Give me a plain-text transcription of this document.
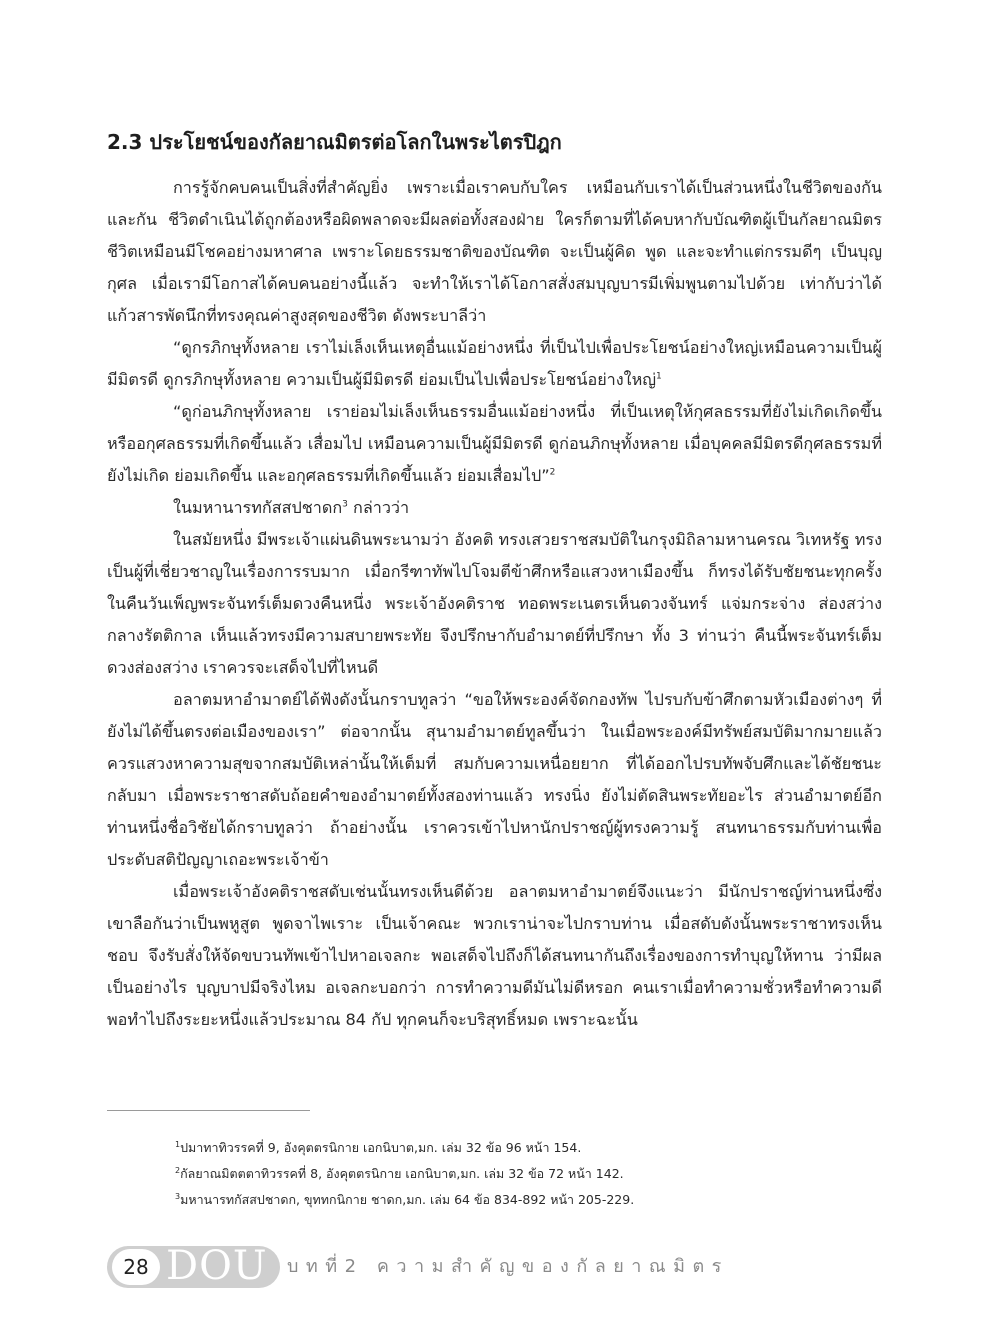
2.3 ประโยชน์ของกัลยาณมิตรต่อโลกในพระไตรปิฎก

การรู้จักคบคนเป็นสิ่งที่สำคัญยิ่ง เพราะเมื่อเราคบกับใคร เหมือนกับเราได้เป็นส่วนหนึ่งในชีวิตของกันและกัน ชีวิตดำเนินได้ถูกต้องหรือผิดพลาดจะมีผลต่อทั้งสองฝ่าย ใครก็ตามที่ได้คบหากับบัณฑิตผู้เป็นกัลยาณมิตร ชีวิตเหมือนมีโชคอย่างมหาศาล เพราะโดยธรรมชาติของบัณฑิต จะเป็นผู้คิด พูด และจะทำแต่กรรมดีๆ เป็นบุญกุศล เมื่อเรามีโอกาสได้คบคนอย่างนี้แล้ว จะทำให้เราได้โอกาสสั่งสมบุญบารมีเพิ่มพูนตามไปด้วย เท่ากับว่าได้แก้วสารพัดนึกที่ทรงคุณค่าสูงสุดของชีวิต ดังพระบาลีว่า

“ดูกรภิกษุทั้งหลาย เราไม่เล็งเห็นเหตุอื่นแม้อย่างหนึ่ง ที่เป็นไปเพื่อประโยชน์อย่างใหญ่เหมือนความเป็นผู้มีมิตรดี ดูกรภิกษุทั้งหลาย ความเป็นผู้มีมิตรดี ย่อมเป็นไปเพื่อประโยชน์อย่างใหญ่$^1$

“ดูก่อนภิกษุทั้งหลาย เราย่อมไม่เล็งเห็นธรรมอื่นแม้อย่างหนึ่ง ที่เป็นเหตุให้กุศลธรรมที่ยังไม่เกิดเกิดขึ้นหรืออกุศลธรรมที่เกิดขึ้นแล้ว เสื่อมไป เหมือนความเป็นผู้มีมิตรดี ดูก่อนภิกษุทั้งหลาย เมื่อบุคคลมีมิตรดีกุศลธรรมที่ยังไม่เกิด ย่อมเกิดขึ้น และอกุศลธรรมที่เกิดขึ้นแล้ว ย่อมเสื่อมไป”$^2$

ในมหานารทกัสสปชาดก$^3$ กล่าวว่า

ในสมัยหนึ่ง มีพระเจ้าแผ่นดินพระนามว่า อังคติ ทรงเสวยราชสมบัติในกรุงมิถิลามหานครณ วิเทหรัฐ ทรงเป็นผู้ที่เชี่ยวชาญในเรื่องการรบมาก เมื่อกรีฑาทัพไปโจมตีข้าศึกหรือแสวงหาเมืองขึ้น ก็ทรงได้รับชัยชนะทุกครั้ง ในคืนวันเพ็ญพระจันทร์เต็มดวงคืนหนึ่ง พระเจ้าอังคติราช ทอดพระเนตรเห็นดวงจันทร์ แจ่มกระจ่าง ส่องสว่างกลางรัตติกาล เห็นแล้วทรงมีความสบายพระทัย จึงปรึกษากับอำมาตย์ที่ปรึกษา ทั้ง 3 ท่านว่า คืนนี้พระจันทร์เต็มดวงส่องสว่าง เราควรจะเสด็จไปที่ไหนดี

อลาตมหาอำมาตย์ได้ฟังดังนั้นกราบทูลว่า “ขอให้พระองค์จัดกองทัพ ไปรบกับข้าศึกตามหัวเมืองต่างๆ ที่ยังไม่ได้ขึ้นตรงต่อเมืองของเรา” ต่อจากนั้น สุนามอำมาตย์ทูลขึ้นว่า ในเมื่อพระองค์มีทรัพย์สมบัติมากมายแล้ว ควรแสวงหาความสุขจากสมบัติเหล่านั้นให้เต็มที่ สมกับความเหนื่อยยาก ที่ได้ออกไปรบทัพจับศึกและได้ชัยชนะกลับมา เมื่อพระราชาสดับถ้อยคำของอำมาตย์ทั้งสองท่านแล้ว ทรงนิ่ง ยังไม่ตัดสินพระทัยอะไร ส่วนอำมาตย์อีกท่านหนึ่งชื่อวิชัยได้กราบทูลว่า ถ้าอย่างนั้น เราควรเข้าไปหานักปราชญ์ผู้ทรงความรู้ สนทนาธรรมกับท่านเพื่อประดับสติปัญญาเถอะพระเจ้าข้า

เมื่อพระเจ้าอังคติราชสดับเช่นนั้นทรงเห็นดีด้วย อลาตมหาอำมาตย์จึงแนะว่า มีนักปราชญ์ท่านหนึ่งซึ่งเขาลือกันว่าเป็นพหูสูต พูดจาไพเราะ เป็นเจ้าคณะ พวกเราน่าจะไปกราบท่าน เมื่อสดับดังนั้นพระราชาทรงเห็นชอบ จึงรับสั่งให้จัดขบวนทัพเข้าไปหาอเจลกะ พอเสด็จไปถึงก็ได้สนทนากันถึงเรื่องของการทำบุญให้ทาน ว่ามีผลเป็นอย่างไร บุญบาปมีจริงไหม อเจลกะบอกว่า การทำความดีมันไม่ดีหรอก คนเราเมื่อทำความชั่วหรือทำความดี พอทำไปถึงระยะหนึ่งแล้วประมาณ 84 กัป ทุกคนก็จะบริสุทธิ์หมด เพราะฉะนั้น

$^1$ปมาทาทิวรรคที่ 9, อังคุตตรนิกาย เอกนิบาต,มก. เล่ม 32 ข้อ 96 หน้า 154.
$^2$กัลยาณมิตตตาทิวรรคที่ 8, อังคุตตรนิกาย เอกนิบาต,มก. เล่ม 32 ข้อ 72 หน้า 142.
$^3$มหานารทกัสสปชาดก, ขุททกนิกาย ชาดก,มก. เล่ม 64 ข้อ 834-892 หน้า 205-229.
28 DOU บทที่2 ความสำคัญของกัลยาณมิตร
